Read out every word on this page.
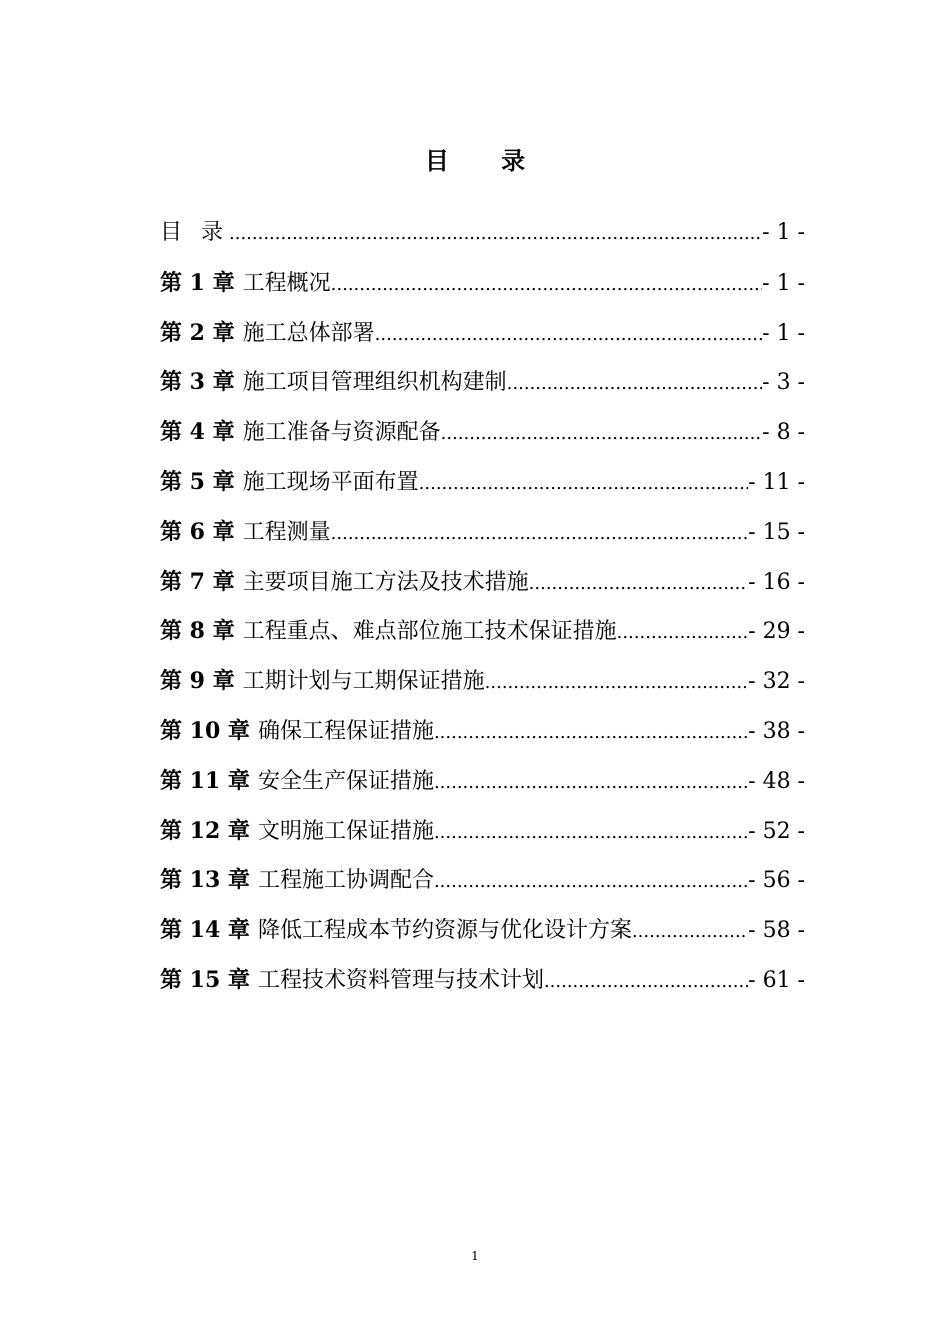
目 录
目 录 .....	- 1 -
第 1 章 工程概况 .....	- 1 -
第 2 章 施工总体部署 .....	- 1 -
第 3 章 施工项目管理组织机构建制 .....	- 3 -
第 4 章 施工准备与资源配备 .....	- 8 -
第 5 章 施工现场平面布置 .....	- 11 -
第 6 章 工程测量 .....	- 15 -
第 7 章 主要项目施工方法及技术措施 .....	- 16 -
第 8 章 工程重点、难点部位施工技术保证措施 .....	- 29 -
第 9 章 工期计划与工期保证措施 .....	- 32 -
第 10 章 确保工程保证措施 .....	- 38 -
第 11 章 安全生产保证措施 .....	- 48 -
第 12 章 文明施工保证措施 .....	- 52 -
第 13 章 工程施工协调配合 .....	- 56 -
第 14 章 降低工程成本节约资源与优化设计方案 .....	- 58 -
第 15 章 工程技术资料管理与技术计划 .....	- 61 -
1
